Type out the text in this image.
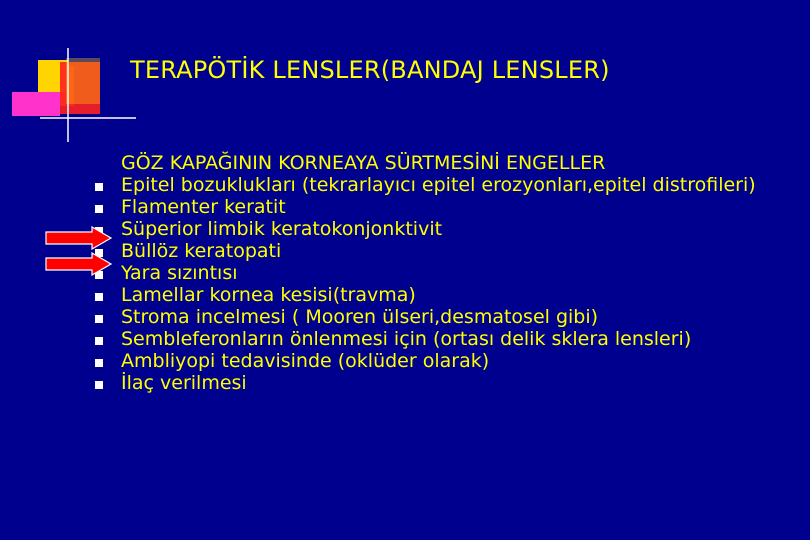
TERAPÖTİK LENSLER(BANDAJ LENSLER)
GÖZ KAPAĞININ KORNEAYA SÜRTMESİNİ ENGELLER
Epitel bozuklukları (tekrarlayıcı epitel erozyonları,epitel distrofileri)
Flamenter keratit
Süperior limbik keratokonjonktivit
Büllöz keratopati
Yara sızıntısı
Lamellar kornea kesisi(travma)
Stroma incelmesi ( Mooren ülseri,desmatosel gibi)
Sembleferonların önlenmesi için (ortası delik sklera lensleri)
Ambliyopi tedavisinde (oklüder olarak)
İlaç verilmesi
